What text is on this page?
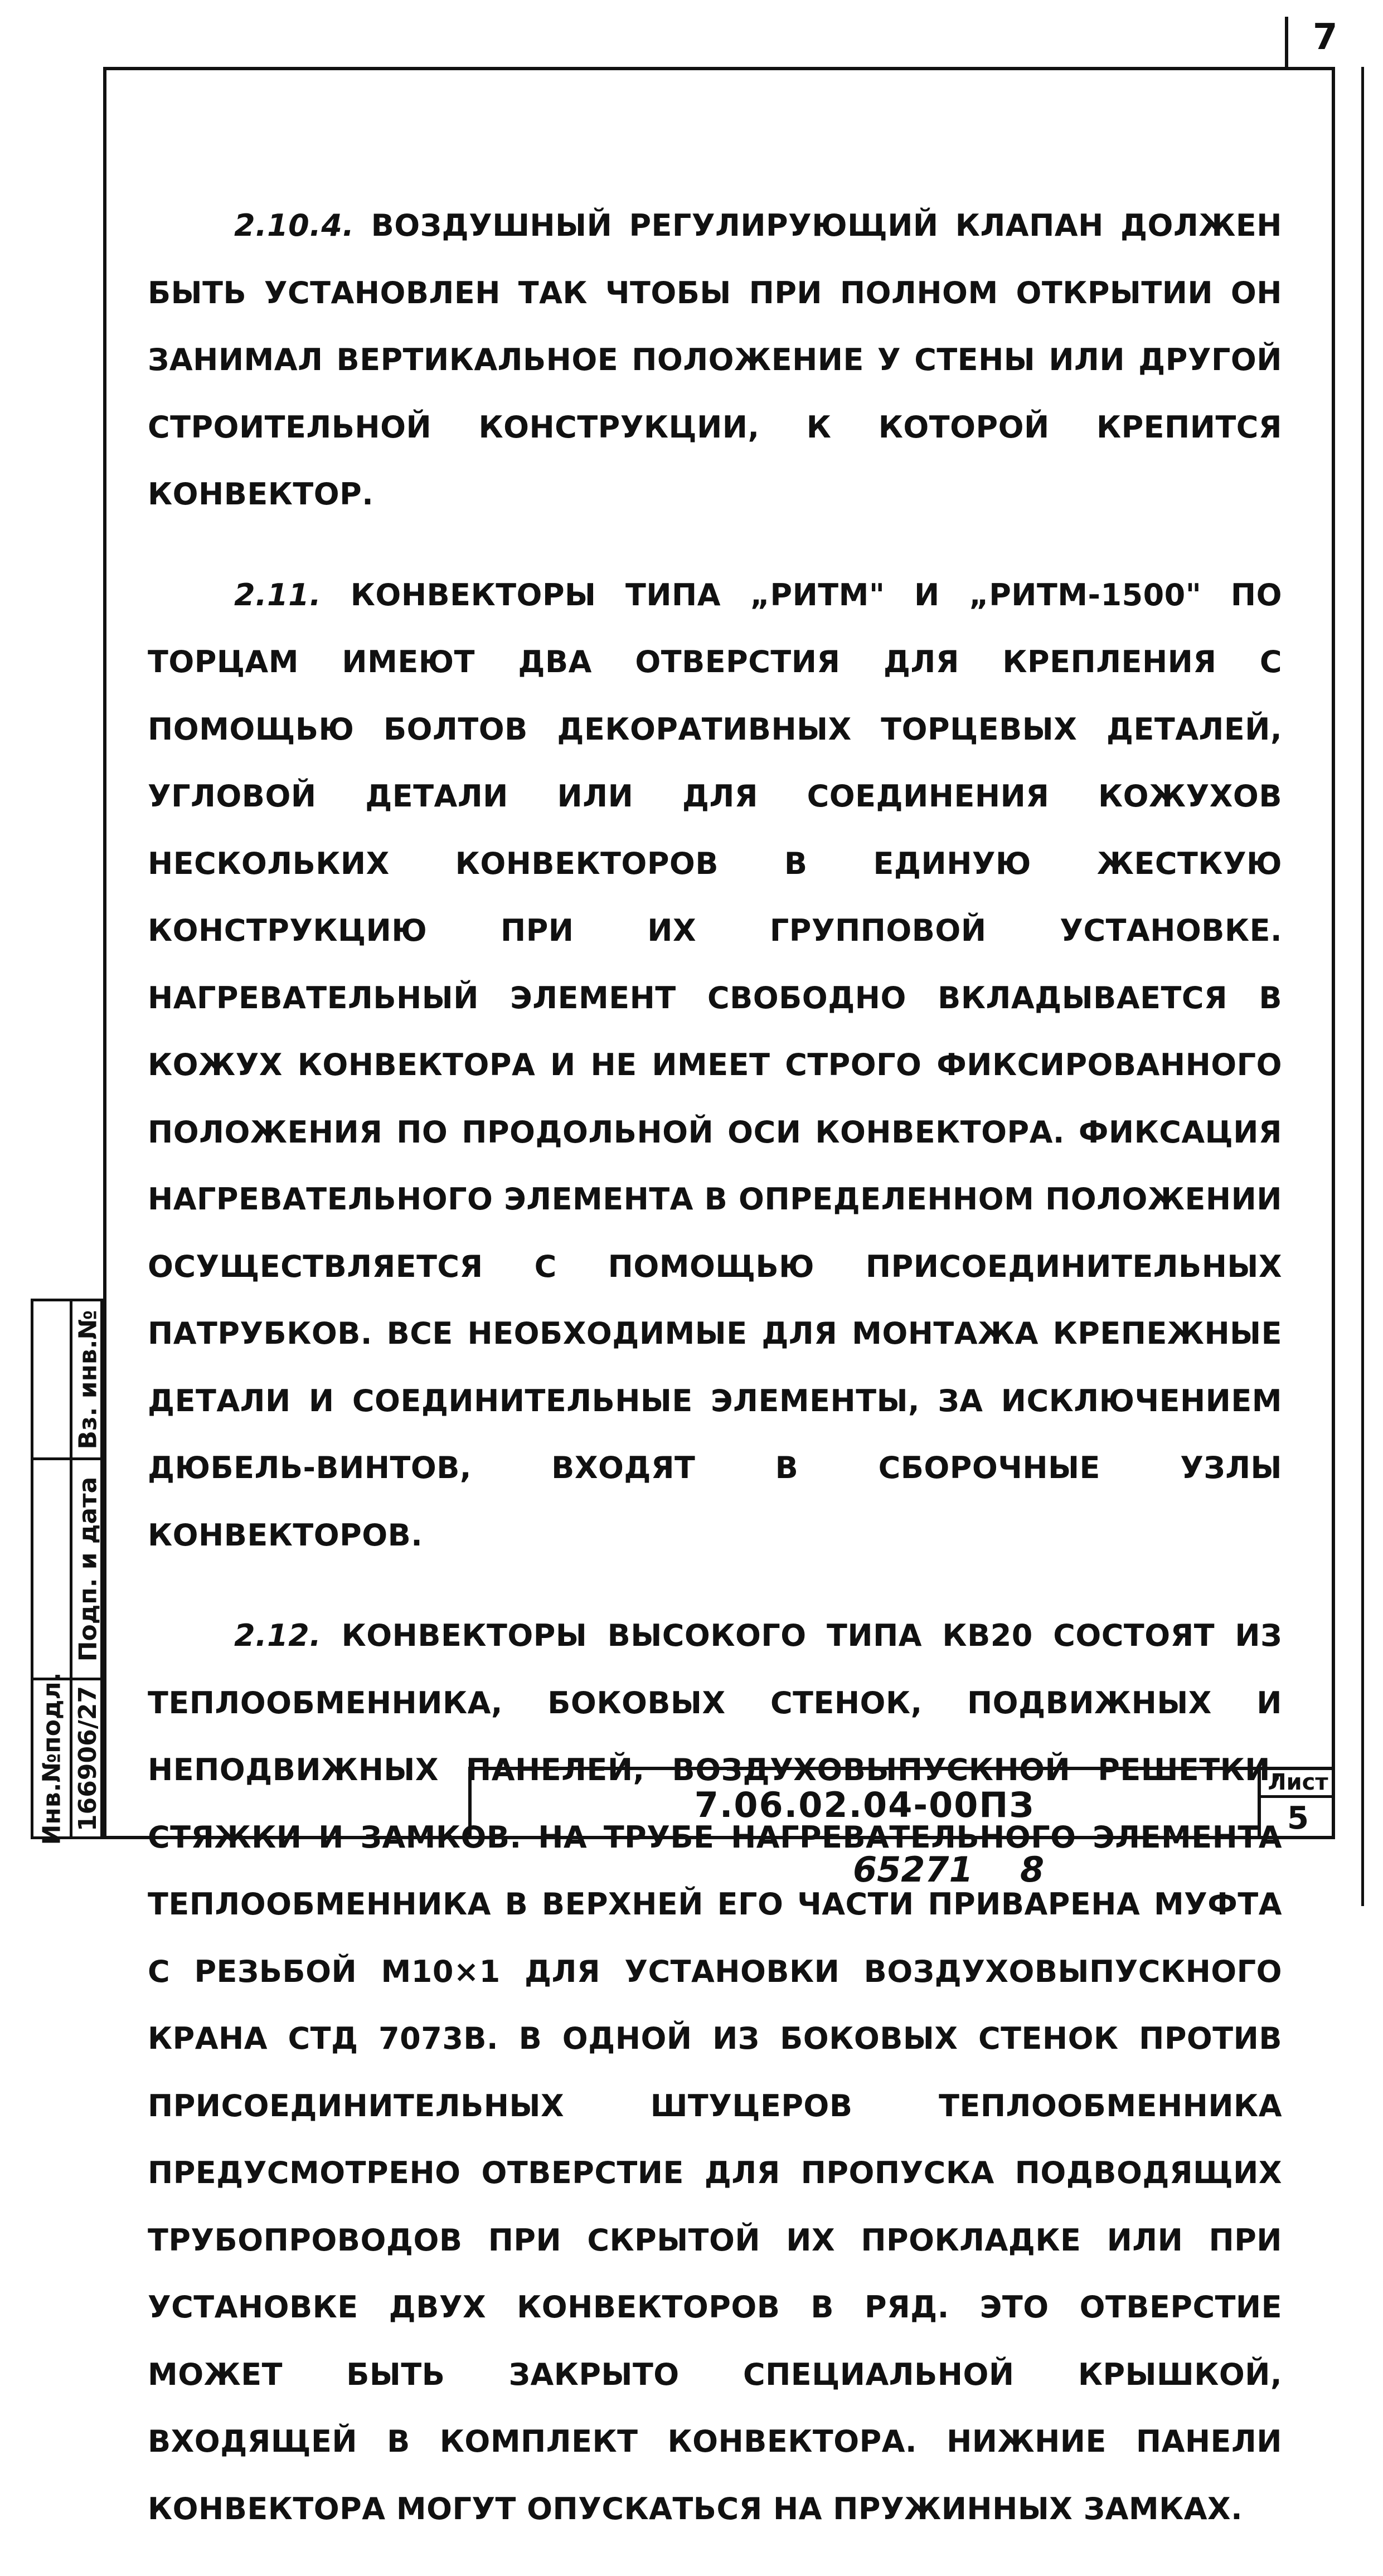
7

2.10.4. ВОЗДУШНЫЙ РЕГУЛИРУЮЩИЙ КЛАПАН ДОЛЖЕН БЫТЬ УСТАНОВЛЕН ТАК ЧТОБЫ ПРИ ПОЛНОМ ОТКРЫТИИ ОН ЗАНИМАЛ ВЕРТИКАЛЬНОЕ ПОЛОЖЕНИЕ У СТЕНЫ ИЛИ ДРУГОЙ СТРОИТЕЛЬНОЙ КОНСТРУКЦИИ, К КОТОРОЙ КРЕПИТСЯ КОНВЕКТОР.

2.11. КОНВЕКТОРЫ ТИПА „РИТМ" И „РИТМ-1500" ПО ТОРЦАМ ИМЕЮТ ДВА ОТВЕРСТИЯ ДЛЯ КРЕПЛЕНИЯ С ПОМОЩЬЮ БОЛТОВ ДЕКОРАТИВНЫХ ТОРЦЕВЫХ ДЕТАЛЕЙ, УГЛОВОЙ ДЕТАЛИ ИЛИ ДЛЯ СОЕДИНЕНИЯ КОЖУХОВ НЕСКОЛЬКИХ КОНВЕКТОРОВ В ЕДИНУЮ ЖЕСТКУЮ КОНСТРУКЦИЮ ПРИ ИХ ГРУППОВОЙ УСТАНОВКЕ. НАГРЕВАТЕЛЬНЫЙ ЭЛЕМЕНТ СВОБОДНО ВКЛАДЫВАЕТСЯ В КОЖУХ КОНВЕКТОРА И НЕ ИМЕЕТ СТРОГО ФИКСИРОВАННОГО ПОЛОЖЕНИЯ ПО ПРОДОЛЬНОЙ ОСИ КОНВЕКТОРА. ФИКСАЦИЯ НАГРЕВАТЕЛЬНОГО ЭЛЕМЕНТА В ОПРЕДЕЛЕННОМ ПОЛОЖЕНИИ ОСУЩЕСТВЛЯЕТСЯ С ПОМОЩЬЮ ПРИСОЕДИНИТЕЛЬНЫХ ПАТРУБКОВ. ВСЕ НЕОБХОДИМЫЕ ДЛЯ МОНТАЖА КРЕПЕЖНЫЕ ДЕТАЛИ И СОЕДИНИТЕЛЬНЫЕ ЭЛЕМЕНТЫ, ЗА ИСКЛЮЧЕНИЕМ ДЮБЕЛЬ-ВИНТОВ, ВХОДЯТ В СБОРОЧНЫЕ УЗЛЫ КОНВЕКТОРОВ.

2.12. КОНВЕКТОРЫ ВЫСОКОГО ТИПА КВ20 СОСТОЯТ ИЗ ТЕПЛООБМЕННИКА, БОКОВЫХ СТЕНОК, ПОДВИЖНЫХ И НЕПОДВИЖНЫХ ПАНЕЛЕЙ, ВОЗДУХОВЫПУСКНОЙ РЕШЕТКИ, СТЯЖКИ И ЗАМКОВ. НА ТРУБЕ НАГРЕВАТЕЛЬНОГО ЭЛЕМЕНТА ТЕПЛООБМЕННИКА В ВЕРХНЕЙ ЕГО ЧАСТИ ПРИВАРЕНА МУФТА С РЕЗЬБОЙ М10×1 ДЛЯ УСТАНОВКИ ВОЗДУХОВЫПУСКНОГО КРАНА СТД 7073В. В ОДНОЙ ИЗ БОКОВЫХ СТЕНОК ПРОТИВ ПРИСОЕДИНИТЕЛЬНЫХ ШТУЦЕРОВ ТЕПЛООБМЕННИКА ПРЕДУСМОТРЕНО ОТВЕРСТИЕ ДЛЯ ПРОПУСКА ПОДВОДЯЩИХ ТРУБОПРОВОДОВ ПРИ СКРЫТОЙ ИХ ПРОКЛАДКЕ ИЛИ ПРИ УСТАНОВКЕ ДВУХ КОНВЕКТОРОВ В РЯД. ЭТО ОТВЕРСТИЕ МОЖЕТ БЫТЬ ЗАКРЫТО СПЕЦИАЛЬНОЙ КРЫШКОЙ, ВХОДЯЩЕЙ В КОМПЛЕКТ КОНВЕКТОРА. НИЖНИЕ ПАНЕЛИ КОНВЕКТОРА МОГУТ ОПУСКАТЬСЯ НА ПРУЖИННЫХ ЗАМКАХ.

Вз. инв.№
Подп. и дата
Инв.№подл. 166906/27	7.06.02.04-00ПЗ
Лист
5
65271 8
